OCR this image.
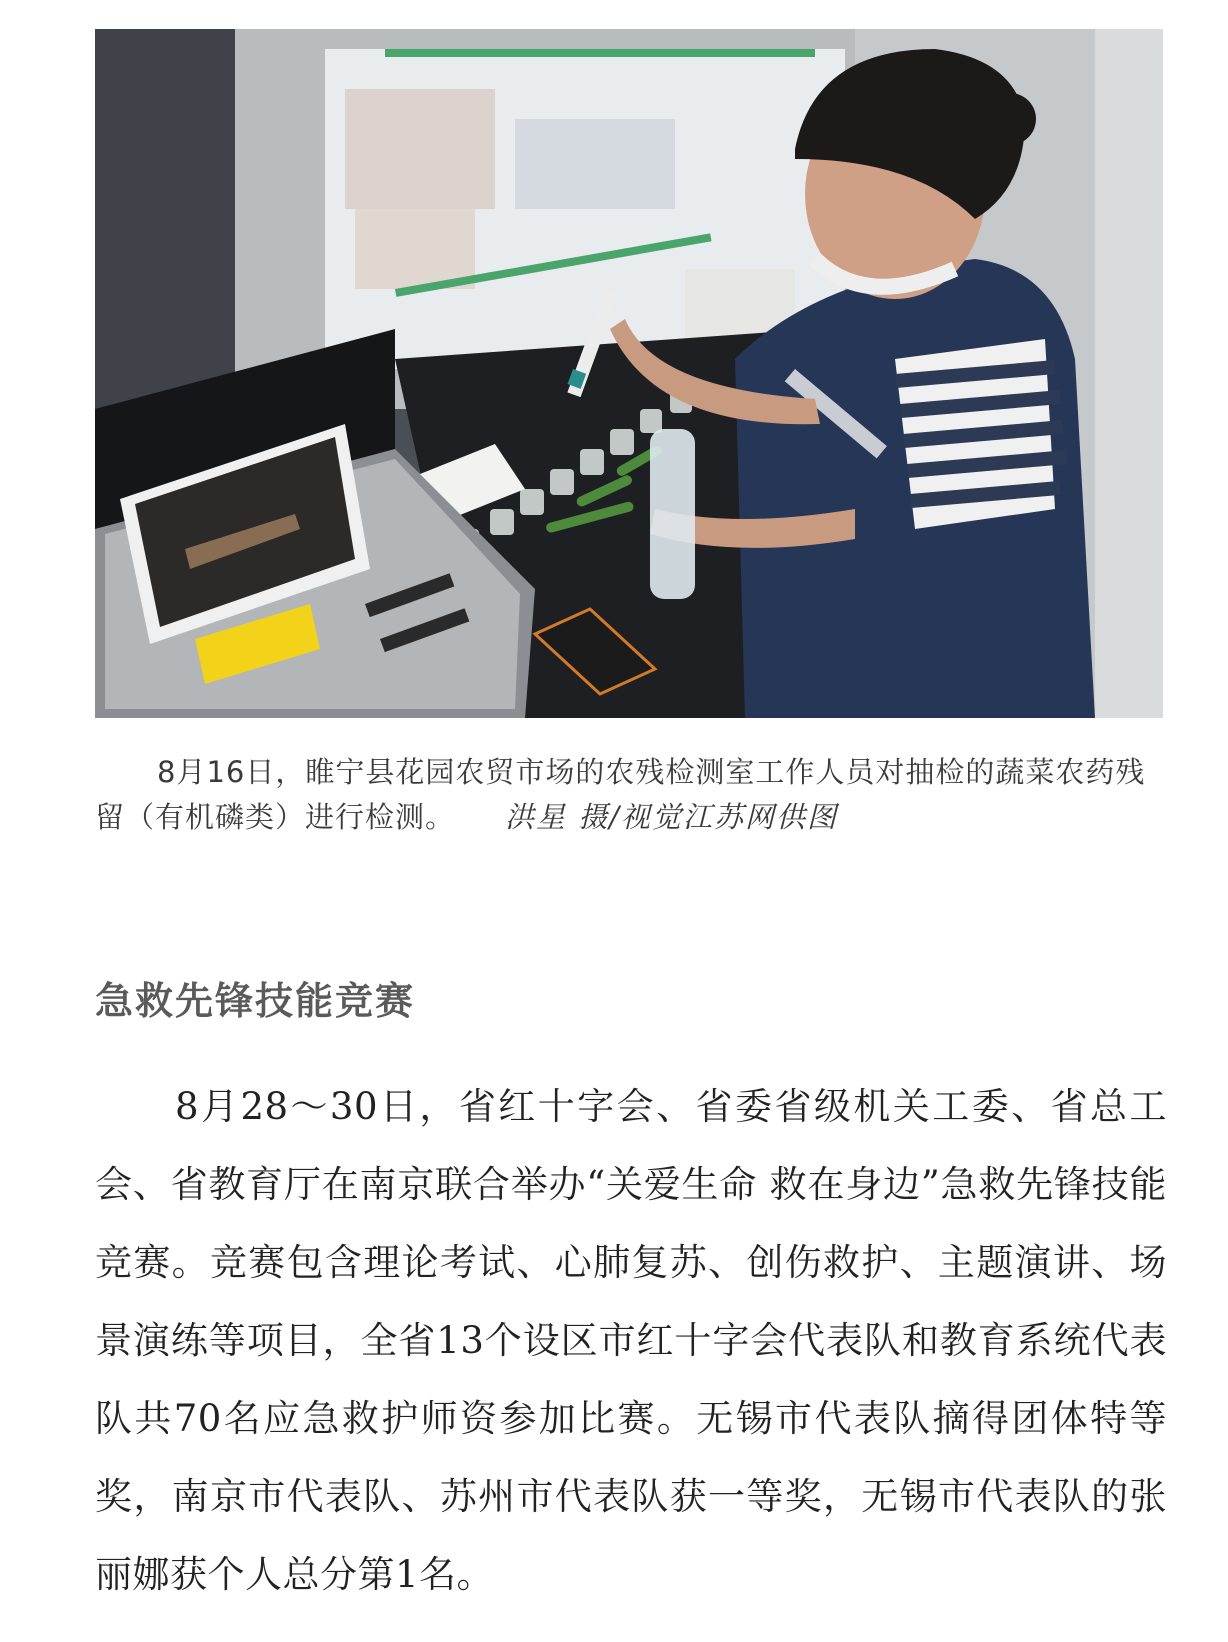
8月16日，睢宁县花园农贸市场的农残检测室工作人员对抽检的蔬菜农药残留（有机磷类）进行检测。 洪星 摄/视觉江苏网供图
急救先锋技能竞赛
8月28～30日，省红十字会、省委省级机关工委、省总工会、省教育厅在南京联合举办“关爱生命 救在身边”急救先锋技能竞赛。竞赛包含理论考试、心肺复苏、创伤救护、主题演讲、场景演练等项目，全省13个设区市红十字会代表队和教育系统代表队共70名应急救护师资参加比赛。无锡市代表队摘得团体特等奖，南京市代表队、苏州市代表队获一等奖，无锡市代表队的张丽娜获个人总分第1名。
